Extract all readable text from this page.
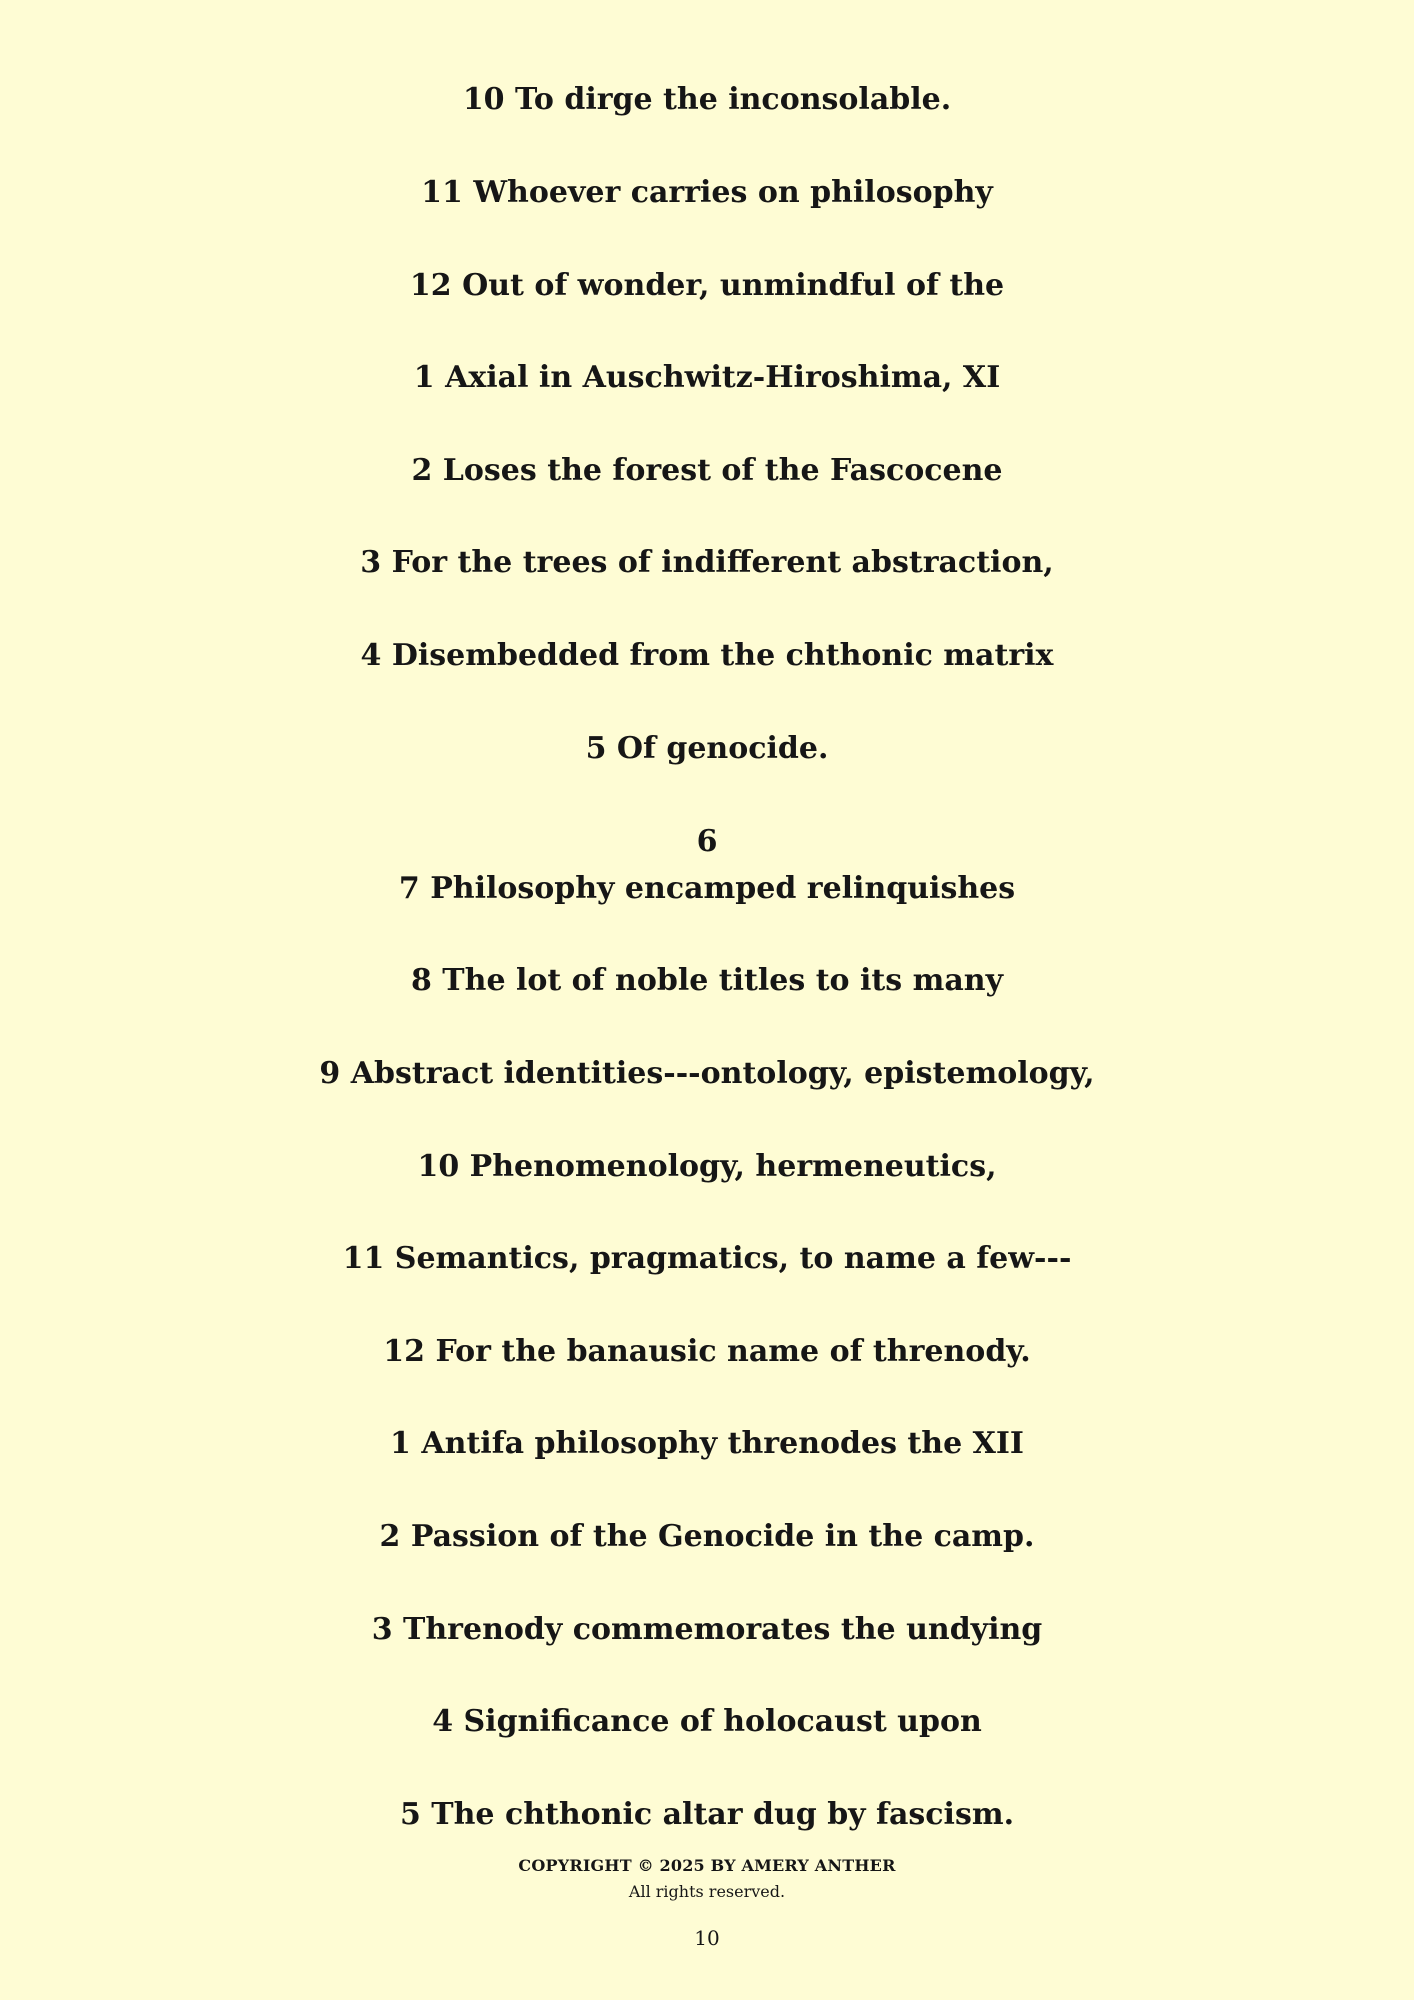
10 To dirge the inconsolable.
11 Whoever carries on philosophy
12 Out of wonder, unmindful of the
1 Axial in Auschwitz-Hiroshima, XI
2 Loses the forest of the Fascocene
3 For the trees of indifferent abstraction,
4 Disembedded from the chthonic matrix
5 Of genocide.
6
7 Philosophy encamped relinquishes
8 The lot of noble titles to its many
9 Abstract identities---ontology, epistemology,
10 Phenomenology, hermeneutics,
11 Semantics, pragmatics, to name a few---
12 For the banausic name of threnody.
1 Antifa philosophy threnodes the XII
2 Passion of the Genocide in the camp.
3 Threnody commemorates the undying
4 Significance of holocaust upon
5 The chthonic altar dug by fascism.
COPYRIGHT © 2025 BY AMERY ANTHER
All rights reserved.
10
